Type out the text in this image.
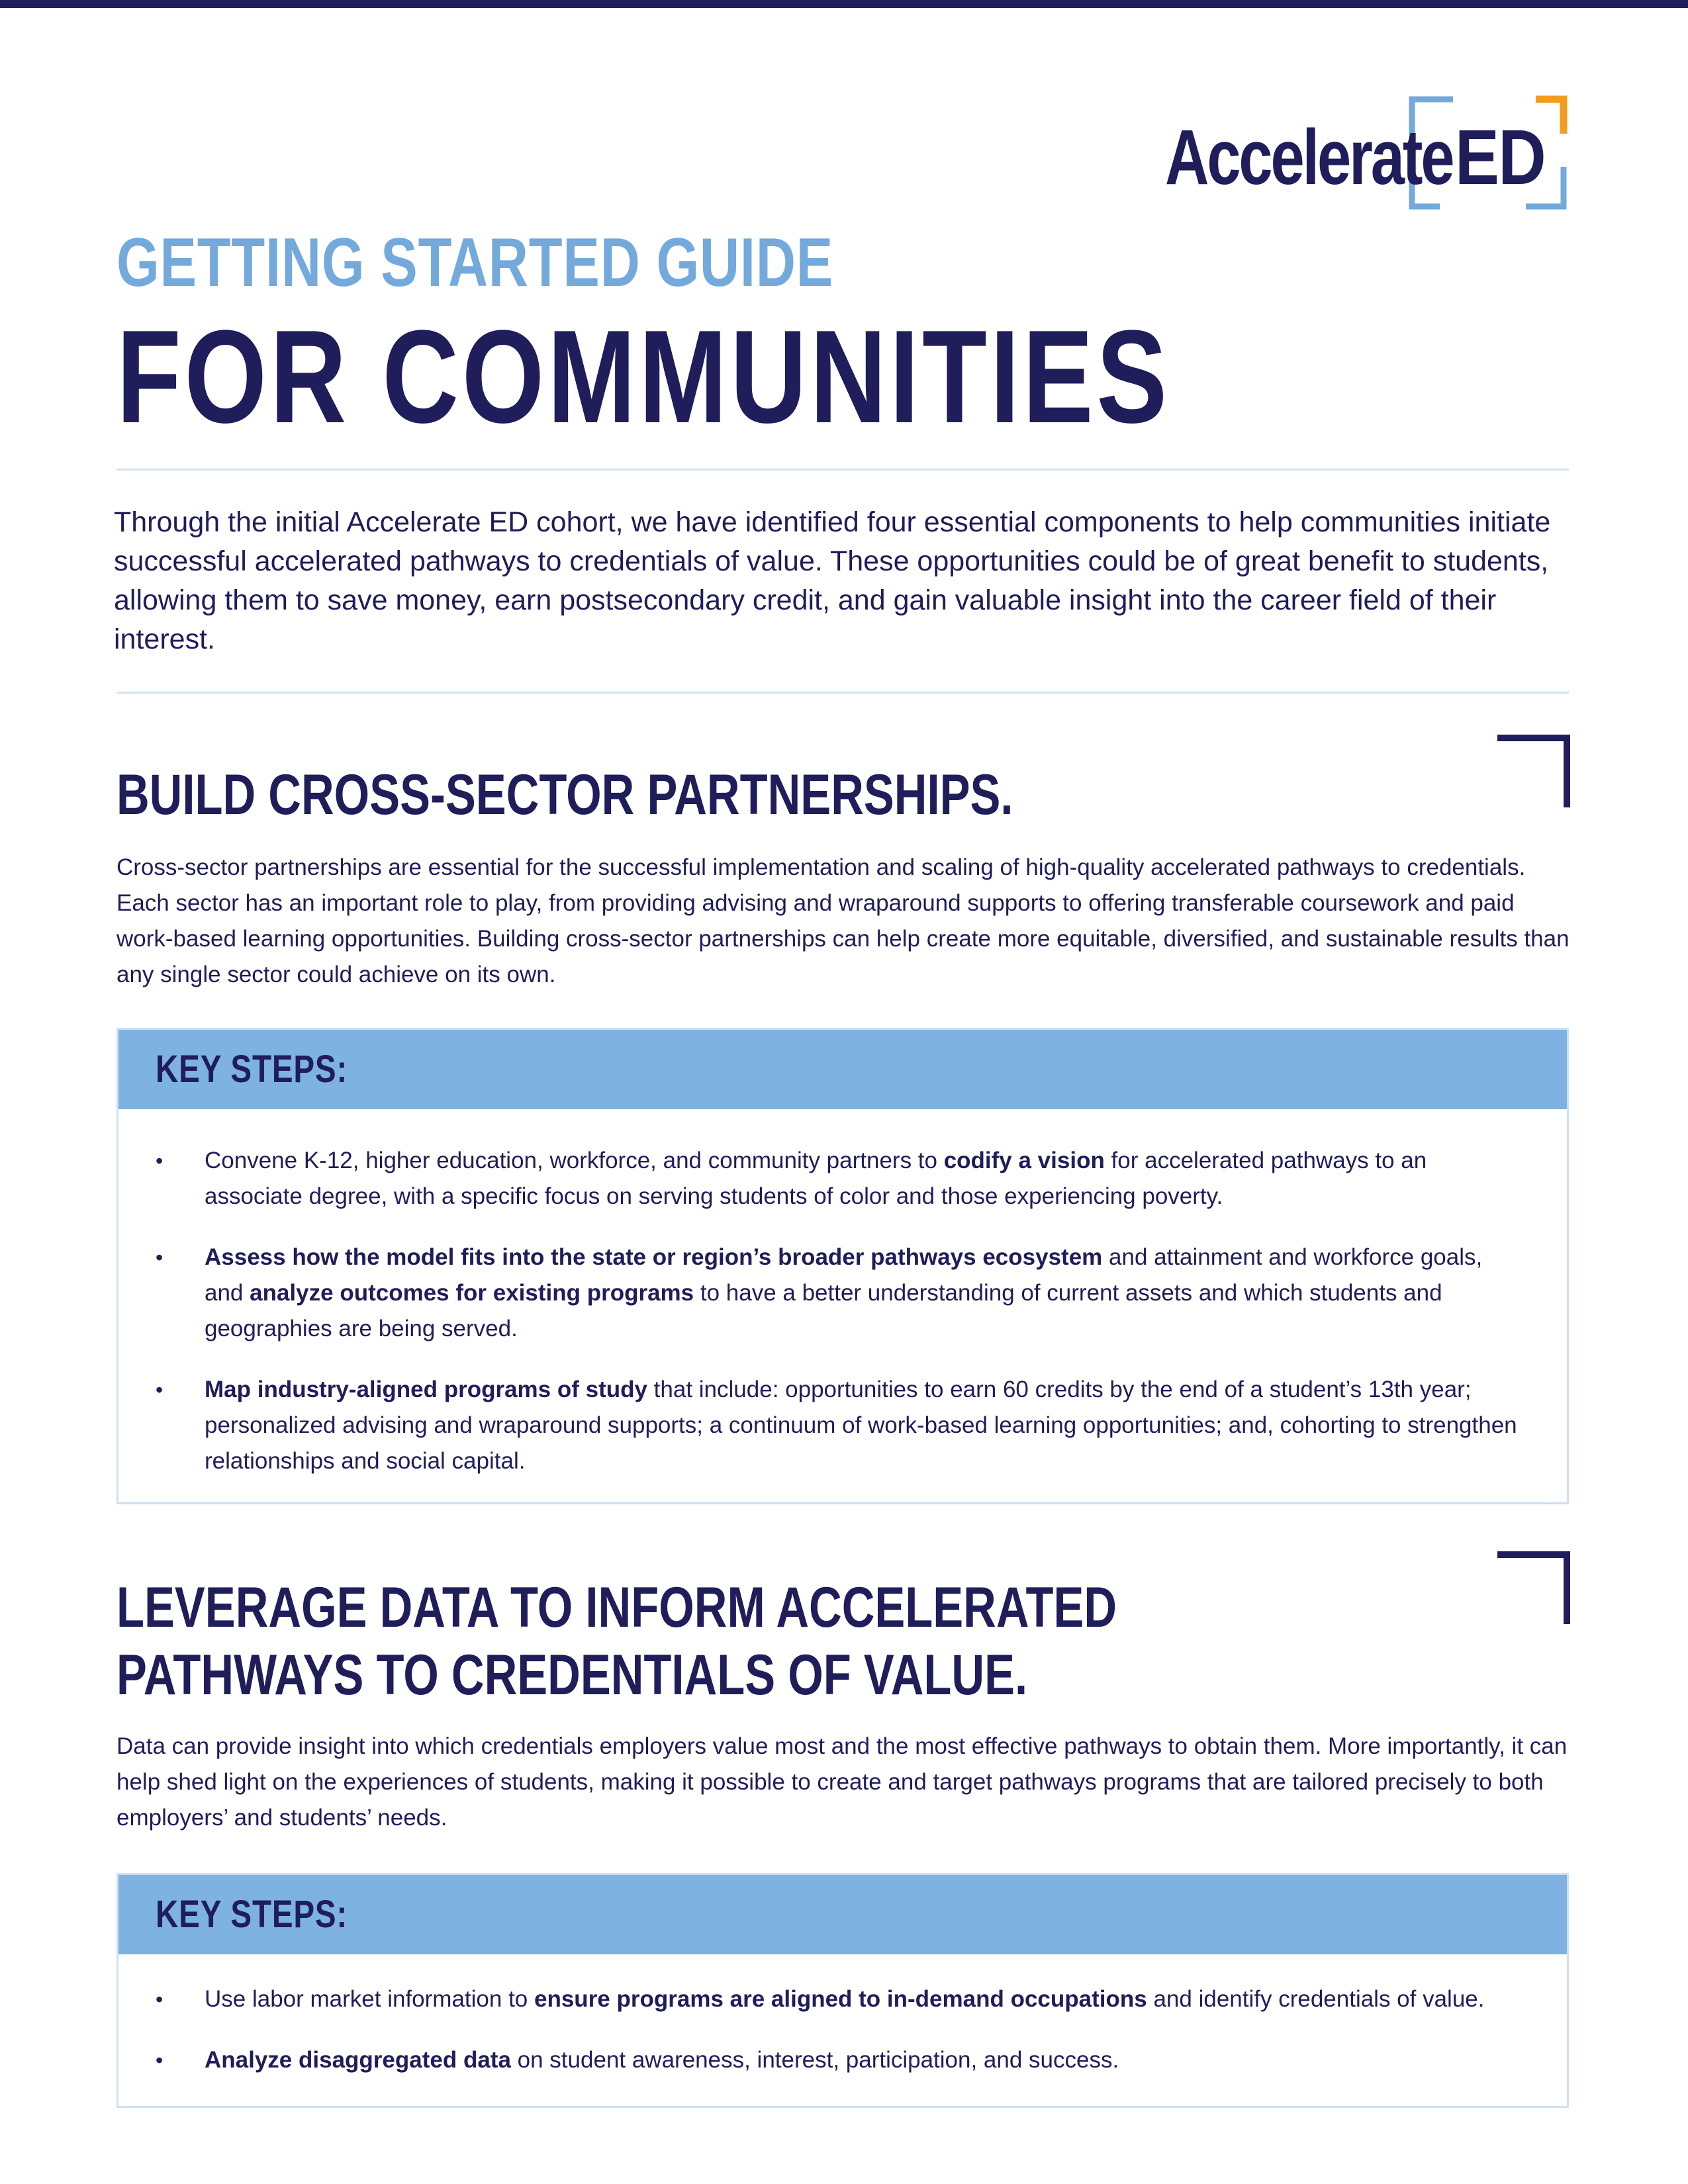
Accelerate ED
GETTING STARTED GUIDE
FOR COMMUNITIES

Through the initial Accelerate ED cohort, we have identified four essential components to help communities initiate successful accelerated pathways to credentials of value. These opportunities could be of great benefit to students, allowing them to save money, earn postsecondary credit, and gain valuable insight into the career field of their interest.

BUILD CROSS-SECTOR PARTNERSHIPS.

Cross-sector partnerships are essential for the successful implementation and scaling of high-quality accelerated pathways to credentials. Each sector has an important role to play, from providing advising and wraparound supports to offering transferable coursework and paid work-based learning opportunities. Building cross-sector partnerships can help create more equitable, diversified, and sustainable results than any single sector could achieve on its own.

KEY STEPS:
• Convene K-12, higher education, workforce, and community partners to codify a vision for accelerated pathways to an associate degree, with a specific focus on serving students of color and those experiencing poverty.
• Assess how the model fits into the state or region’s broader pathways ecosystem and attainment and workforce goals, and analyze outcomes for existing programs to have a better understanding of current assets and which students and geographies are being served.
• Map industry-aligned programs of study that include: opportunities to earn 60 credits by the end of a student’s 13th year; personalized advising and wraparound supports; a continuum of work-based learning opportunities; and, cohorting to strengthen relationships and social capital.
LEVERAGE DATA TO INFORM ACCELERATED PATHWAYS TO CREDENTIALS OF VALUE.

Data can provide insight into which credentials employers value most and the most effective pathways to obtain them. More importantly, it can help shed light on the experiences of students, making it possible to create and target pathways programs that are tailored precisely to both employers’ and students’ needs.

KEY STEPS:
• Use labor market information to ensure programs are aligned to in-demand occupations and identify credentials of value.
• Analyze disaggregated data on student awareness, interest, participation, and success.
